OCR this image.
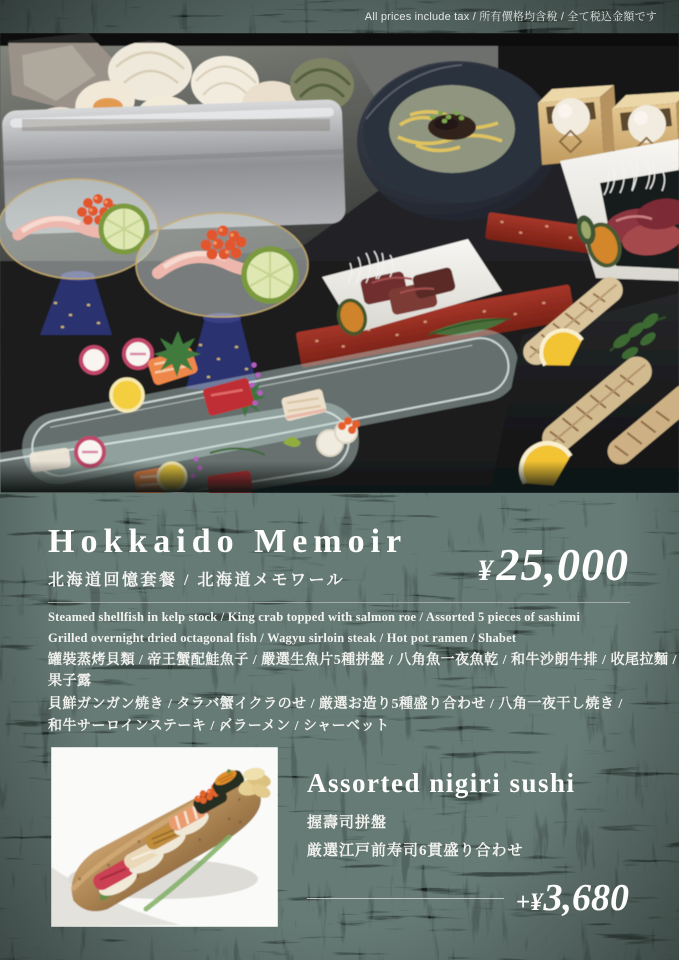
All prices include tax / 所有價格均含稅 / 全て税込金額です
Hokkaido Memoir
北海道回憶套餐 / 北海道メモワール	¥25,000
Steamed shellfish in kelp stock / King crab topped with salmon roe / Assorted 5 pieces of sashimi
Grilled overnight dried octagonal fish / Wagyu sirloin steak / Hot pot ramen / Shabet
罐裝蒸烤貝類 / 帝王蟹配鮭魚子 / 嚴選生魚片5種拼盤 / 八角魚一夜魚乾 / 和牛沙朗牛排 / 收尾拉麵 /
果子露
貝鮮ガンガン焼き / タラバ蟹イクラのせ / 厳選お造り5種盛り合わせ / 八角一夜干し焼き /
和牛サーロインステーキ / 〆ラーメン / シャーベット
Assorted nigiri sushi
握壽司拼盤
厳選江戸前寿司6貫盛り合わせ
+¥3,680
